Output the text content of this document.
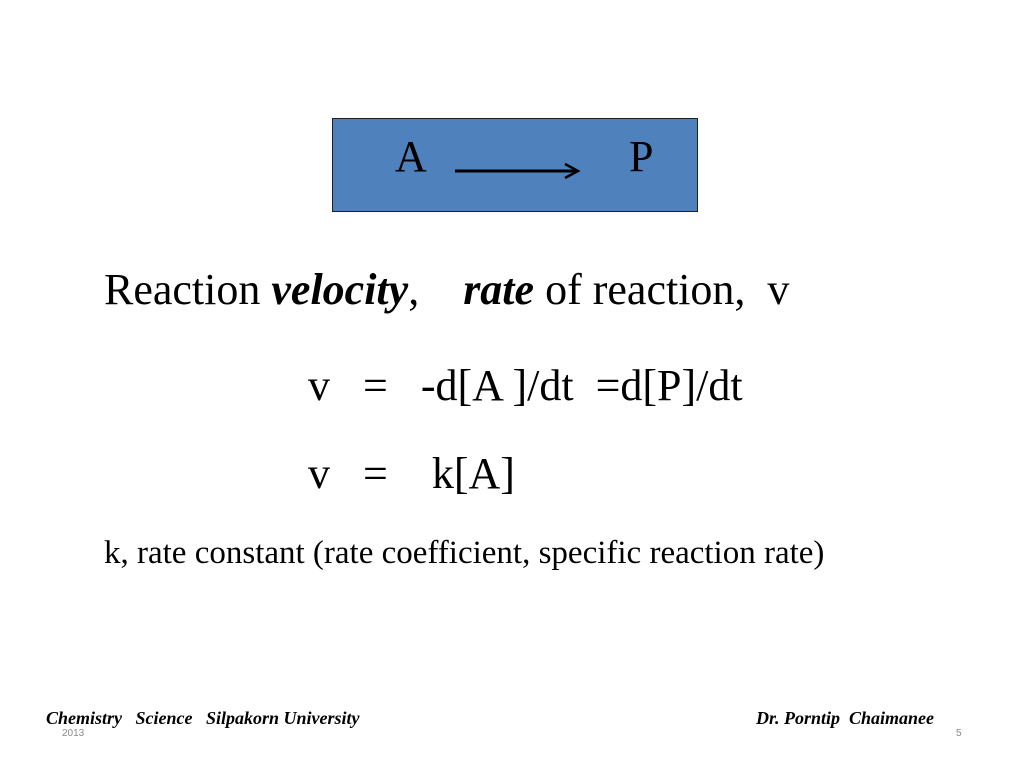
A	P
Reaction velocity,    rate of reaction,  v
v   =   -d[A ]/dt  =d[P]/dt
v   =    k[A]
k, rate constant (rate coefficient, specific reaction rate)
Chemistry   Science   Silpakorn University	Dr. Porntip  Chaimanee
2013	5
